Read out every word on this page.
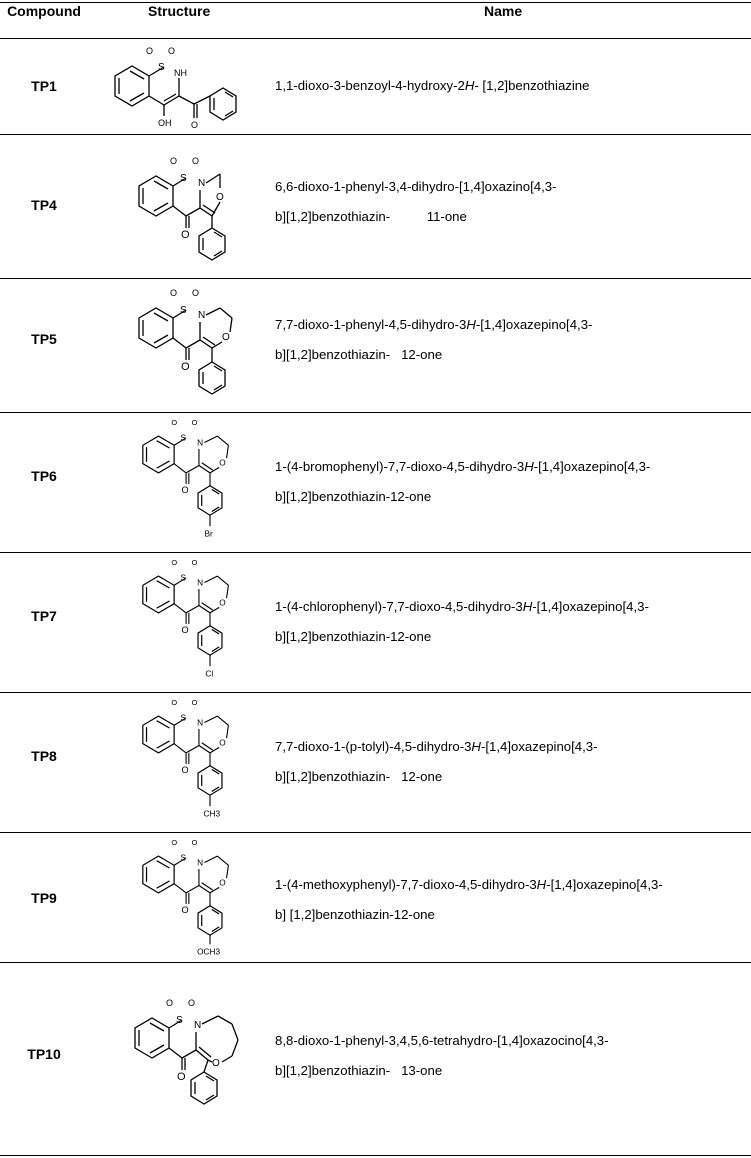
Compound	Structure	Name
TP1
S
O O
NH
OH O
1,1-dioxo-3-benzoyl-4-hydroxy-2H- [1,2]benzothiazine
TP4
S
O O
N
O
O
6,6-dioxo-1-phenyl-3,4-dihydro-[1,4]oxazino[4,3-
b][1,2]benzothiazin-          11-one
TP5
S
O O
N
O
O
7,7-dioxo-1-phenyl-4,5-dihydro-3H-[1,4]oxazepino[4,3-
b][1,2]benzothiazin-   12-one
TP6
S
O O
N
O
O
Br
1-(4-bromophenyl)-7,7-dioxo-4,5-dihydro-3H-[1,4]oxazepino[4,3-
b][1,2]benzothiazin-12-one
TP7
S
O O
N
O
O
Cl
1-(4-chlorophenyl)-7,7-dioxo-4,5-dihydro-3H-[1,4]oxazepino[4,3-
b][1,2]benzothiazin-12-one
TP8
S
O O
N
O
O
CH3
7,7-dioxo-1-(p-tolyl)-4,5-dihydro-3H-[1,4]oxazepino[4,3-
b][1,2]benzothiazin-   12-one
TP9
S
O O
N
O
O
OCH3
1-(4-methoxyphenyl)-7,7-dioxo-4,5-dihydro-3H-[1,4]oxazepino[4,3-
b] [1,2]benzothiazin-12-one
TP10
S
O O
N
O
O
8,8-dioxo-1-phenyl-3,4,5,6-tetrahydro-[1,4]oxazocino[4,3-
b][1,2]benzothiazin-   13-one
